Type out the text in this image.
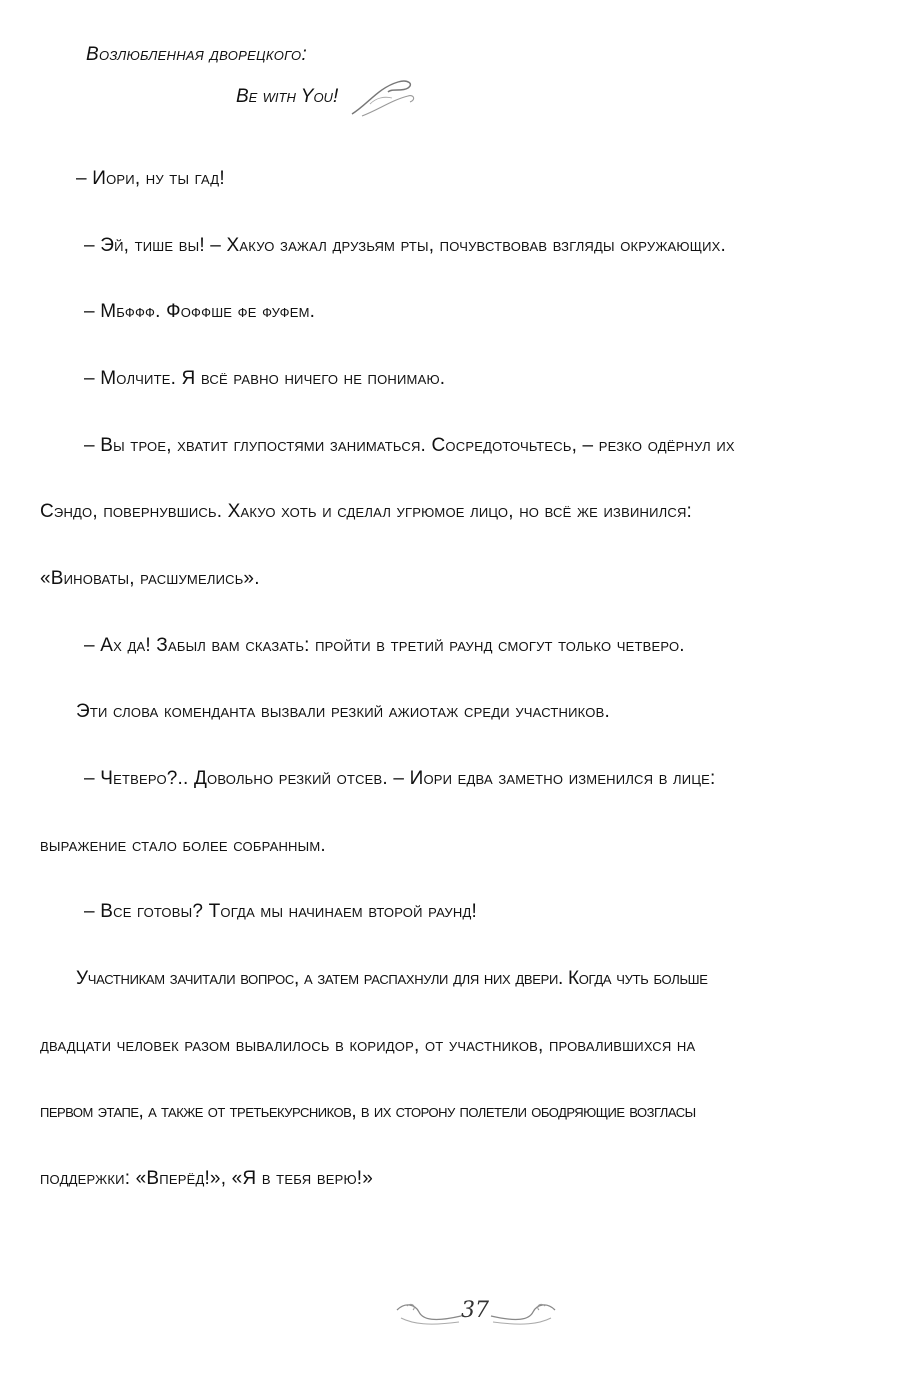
Возлюбленная дворецкого:
Be with You!
– Иори, ну ты гад!
– Эй, тише вы! – Хакуо зажал друзьям рты, почувствовав взгляды окружающих.
– Мбффф. Фоффше фе фуфем.
– Молчите. Я всё равно ничего не понимаю.
– Вы трое, хватит глупостями заниматься. Сосредоточьтесь, – резко одёрнул их
Сэндо, повернувшись. Хакуо хоть и сделал угрюмое лицо, но всё же извинился:
«Виноваты, расшумелись».
– Ах да! Забыл вам сказать: пройти в третий раунд смогут только четверо.
Эти слова коменданта вызвали резкий ажиотаж среди участников.
– Четверо?.. Довольно резкий отсев. – Иори едва заметно изменился в лице:
выражение стало более собранным.
– Все готовы? Тогда мы начинаем второй раунд!
Участникам зачитали вопрос, а затем распахнули для них двери. Когда чуть больше
двадцати человек разом вывалилось в коридор, от участников, провалившихся на
первом этапе, а также от третьекурсников, в их сторону полетели ободряющие возгласы
поддержки: «Вперёд!», «Я в тебя верю!»
37
